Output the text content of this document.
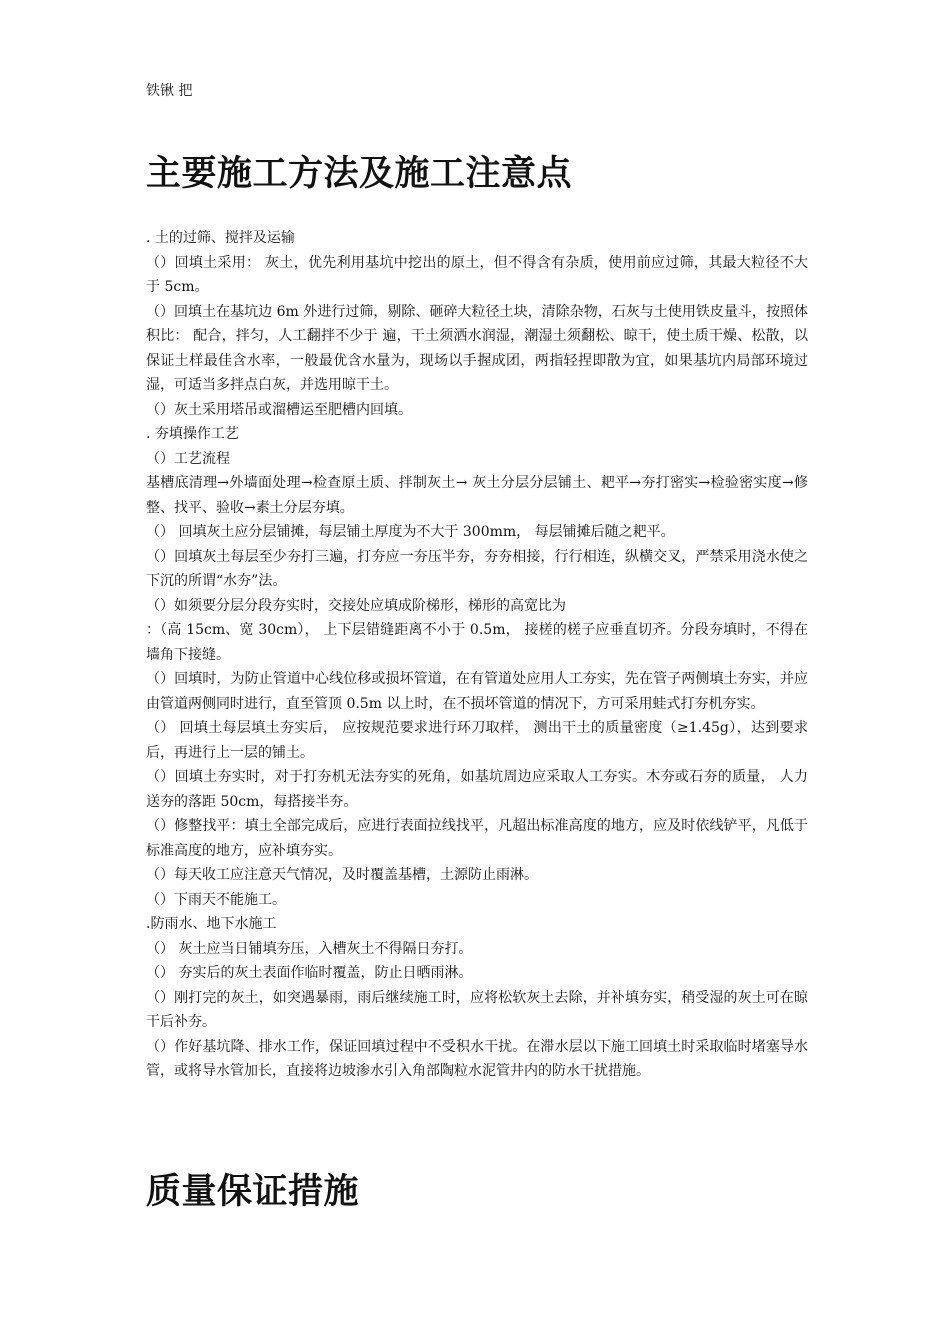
铁锹 把
主要施工方法及施工注意点

. 土的过筛、搅拌及运输

（）回填土采用： 灰土，优先利用基坑中挖出的原土，但不得含有杂质，使用前应过筛，其最大粒径不大于 5cm。

（）回填土在基坑边 6m 外进行过筛，剔除、砸碎大粒径土块，清除杂物，石灰与土使用铁皮量斗，按照体积比： 配合，拌匀，人工翻拌不少于 遍，干土须洒水润湿，潮湿土须翻松、晾干，使土质干燥、松散，以保证土样最佳含水率，一般最优含水量为，现场以手握成团，两指轻捏即散为宜，如果基坑内局部环境过湿，可适当多拌点白灰，并选用晾干土。

（）灰土采用塔吊或溜槽运至肥槽内回填。

. 夯填操作工艺

（）工艺流程

基槽底清理→外墙面处理→检查原土质、拌制灰土→ 灰土分层分层铺土、耙平→夯打密实→检验密实度→修整、找平、验收→素土分层夯填。

（） 回填灰土应分层铺摊，每层铺土厚度为不大于 300mm， 每层铺摊后随之耙平。

（）回填灰土每层至少夯打三遍，打夯应一夯压半夯，夯夯相接，行行相连，纵横交叉，严禁采用浇水使之下沉的所谓“水夯”法。

（）如须要分层分段夯实时，交接处应填成阶梯形，梯形的高宽比为

：（高 15cm、宽 30cm）， 上下层错缝距离不小于 0.5m， 接槎的槎子应垂直切齐。分段夯填时，不得在墙角下接缝。

（）回填时，为防止管道中心线位移或损坏管道，在有管道处应用人工夯实，先在管子两侧填土夯实，并应由管道两侧同时进行，直至管顶 0.5m 以上时，在不损坏管道的情况下，方可采用蛙式打夯机夯实。

（） 回填土每层填土夯实后， 应按规范要求进行环刀取样， 测出干土的质量密度（≥1.45g），达到要求后，再进行上一层的铺土。

（）回填土夯实时，对于打夯机无法夯实的死角，如基坑周边应采取人工夯实。木夯或石夯的质量， 人力送夯的落距 50cm，每搭接半夯。

（）修整找平：填土全部完成后，应进行表面拉线找平，凡超出标准高度的地方，应及时依线铲平，凡低于标准高度的地方，应补填夯实。

（）每天收工应注意天气情况，及时覆盖基槽，土源防止雨淋。

（）下雨天不能施工。

.防雨水、地下水施工

（） 灰土应当日铺填夯压，入槽灰土不得隔日夯打。

（） 夯实后的灰土表面作临时覆盖，防止日晒雨淋。

（）刚打完的灰土，如突遇暴雨，雨后继续施工时，应将松软灰土去除，并补填夯实，稍受湿的灰土可在晾干后补夯。

（）作好基坑降、排水工作，保证回填过程中不受积水干扰。在滞水层以下施工回填土时采取临时堵塞导水管，或将导水管加长，直接将边坡渗水引入角部陶粒水泥管井内的防水干扰措施。

质量保证措施
